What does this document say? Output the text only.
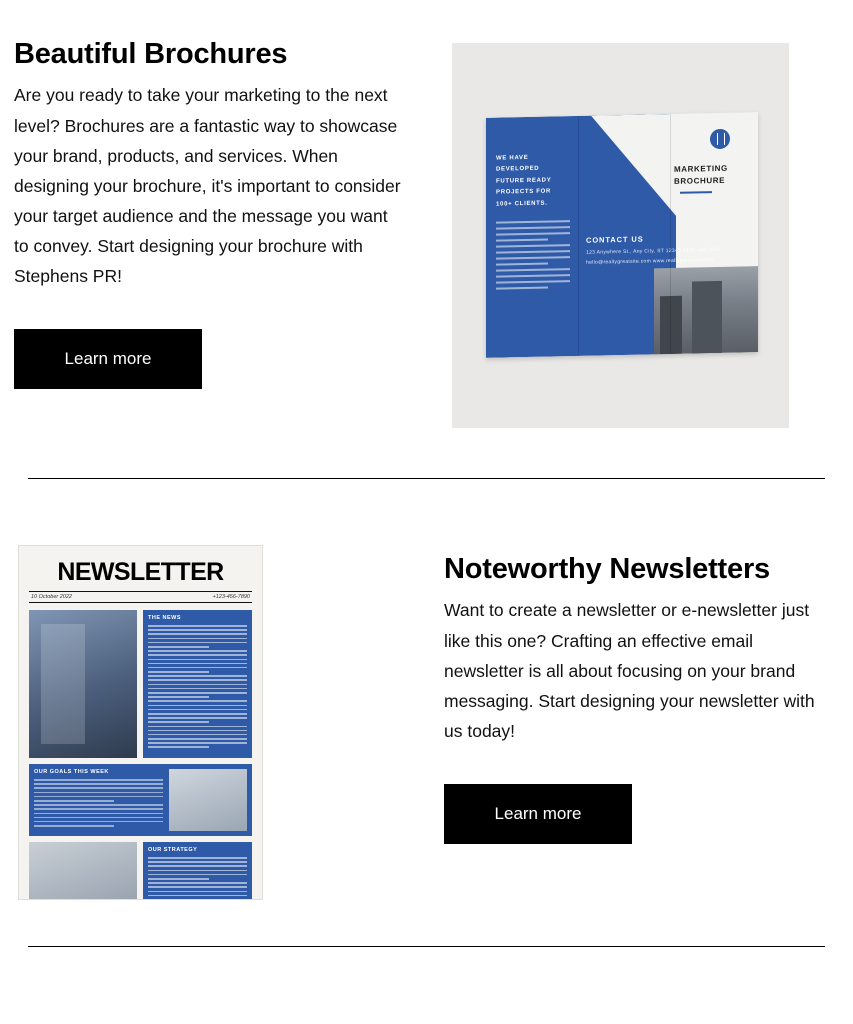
Beautiful Brochures

Are you ready to take your marketing to the next level? Brochures are a fantastic way to showcase your brand, products, and services. When designing your brochure, it's important to consider your target audience and the message you want to convey. Start designing your brochure with Stephens PR!

Learn more
WE HAVE DEVELOPED FUTURE READY PROJECTS FOR 100+ CLIENTS.
CONTACT US
123 Anywhere St., Any City, ST 12345 +123 456 7890 hello@reallygreatsite.com www.reallygreatsite.com
MARKETING BROCHURE
NEWSLETTER
10 October 2022	+123-456-7890
THE NEWS
OUR GOALS THIS WEEK
OUR STRATEGY
Noteworthy Newsletters

Want to create a newsletter or e-newsletter just like this one? Crafting an effective email newsletter is all about focusing on your brand messaging. Start designing your newsletter with us today!

Learn more
